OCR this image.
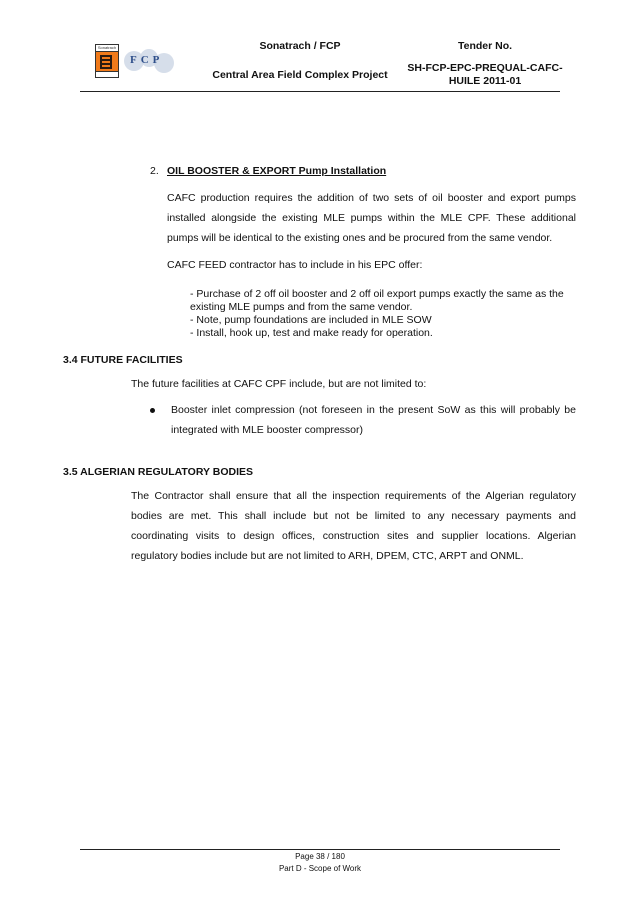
Sonatrach
FCP
Sonatrach / FCP
Central Area Field Complex Project
Tender No.
SH-FCP-EPC-PREQUAL-CAFC-
HUILE 2011-01
2. OIL BOOSTER & EXPORT Pump Installation
CAFC production requires the addition of two sets of oil booster and export pumps installed alongside the existing MLE pumps within the MLE CPF. These additional pumps will be identical to the existing ones and be procured from the same vendor.
CAFC FEED contractor has to include in his EPC offer:
- Purchase of 2 off oil booster and 2 off oil export pumps exactly the same as the
existing MLE pumps and from the same vendor.
- Note, pump foundations are included in MLE SOW
- Install, hook up, test and make ready for operation.
3.4 FUTURE FACILITIES
The future facilities at CAFC CPF include, but are not limited to:
Booster inlet compression (not foreseen in the present SoW as this will probably be integrated with MLE booster compressor)
3.5 ALGERIAN REGULATORY BODIES
The Contractor shall ensure that all the inspection requirements of the Algerian regulatory bodies are met. This shall include but not be limited to any necessary payments and coordinating visits to design offices, construction sites and supplier locations. Algerian regulatory bodies include but are not limited to ARH, DPEM, CTC, ARPT and ONML.
Page 38 / 180
Part D - Scope of Work
